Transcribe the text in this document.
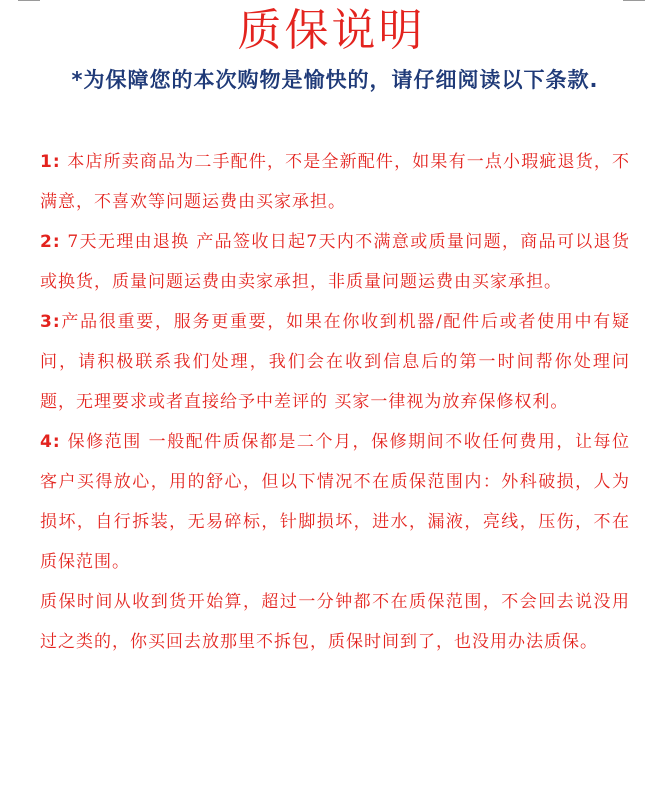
质保说明
*为保障您的本次购物是愉快的，请仔细阅读以下条款.

1: 本店所卖商品为二手配件，不是全新配件，如果有一点小瑕疵退货，不满意，不喜欢等问题运费由买家承担。

2: 7天无理由退换 产品签收日起7天内不满意或质量问题，商品可以退货或换货，质量问题运费由卖家承担，非质量问题运费由买家承担。

3:产品很重要，服务更重要，如果在你收到机器/配件后或者使用中有疑问，请积极联系我们处理，我们会在收到信息后的第一时间帮你处理问题，无理要求或者直接给予中差评的 买家一律视为放弃保修权利。

4: 保修范围 一般配件质保都是二个月，保修期间不收任何费用，让每位客户买得放心，用的舒心，但以下情况不在质保范围内：外科破损，人为损坏，自行拆装，无易碎标，针脚损坏，进水，漏液，亮线，压伤，不在质保范围。

质保时间从收到货开始算，超过一分钟都不在质保范围，不会回去说没用过之类的，你买回去放那里不拆包，质保时间到了，也没用办法质保。
